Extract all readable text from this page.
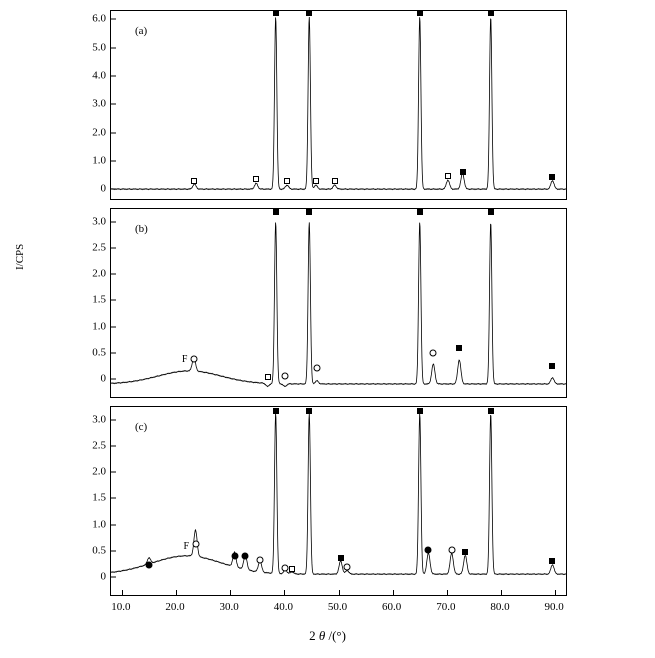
I/CPS
(a)
0
1.0
2.0
3.0
4.0
5.0
6.0
(b)
0
0.5
1.0
1.5
2.0
2.5
3.0
F
(c)
0
0.5
1.0
1.5
2.0
2.5
3.0
F
10.0	20.0	30.0	40.0	50.0	60.0	70.0	80.0	90.0
2 θ /(°)
